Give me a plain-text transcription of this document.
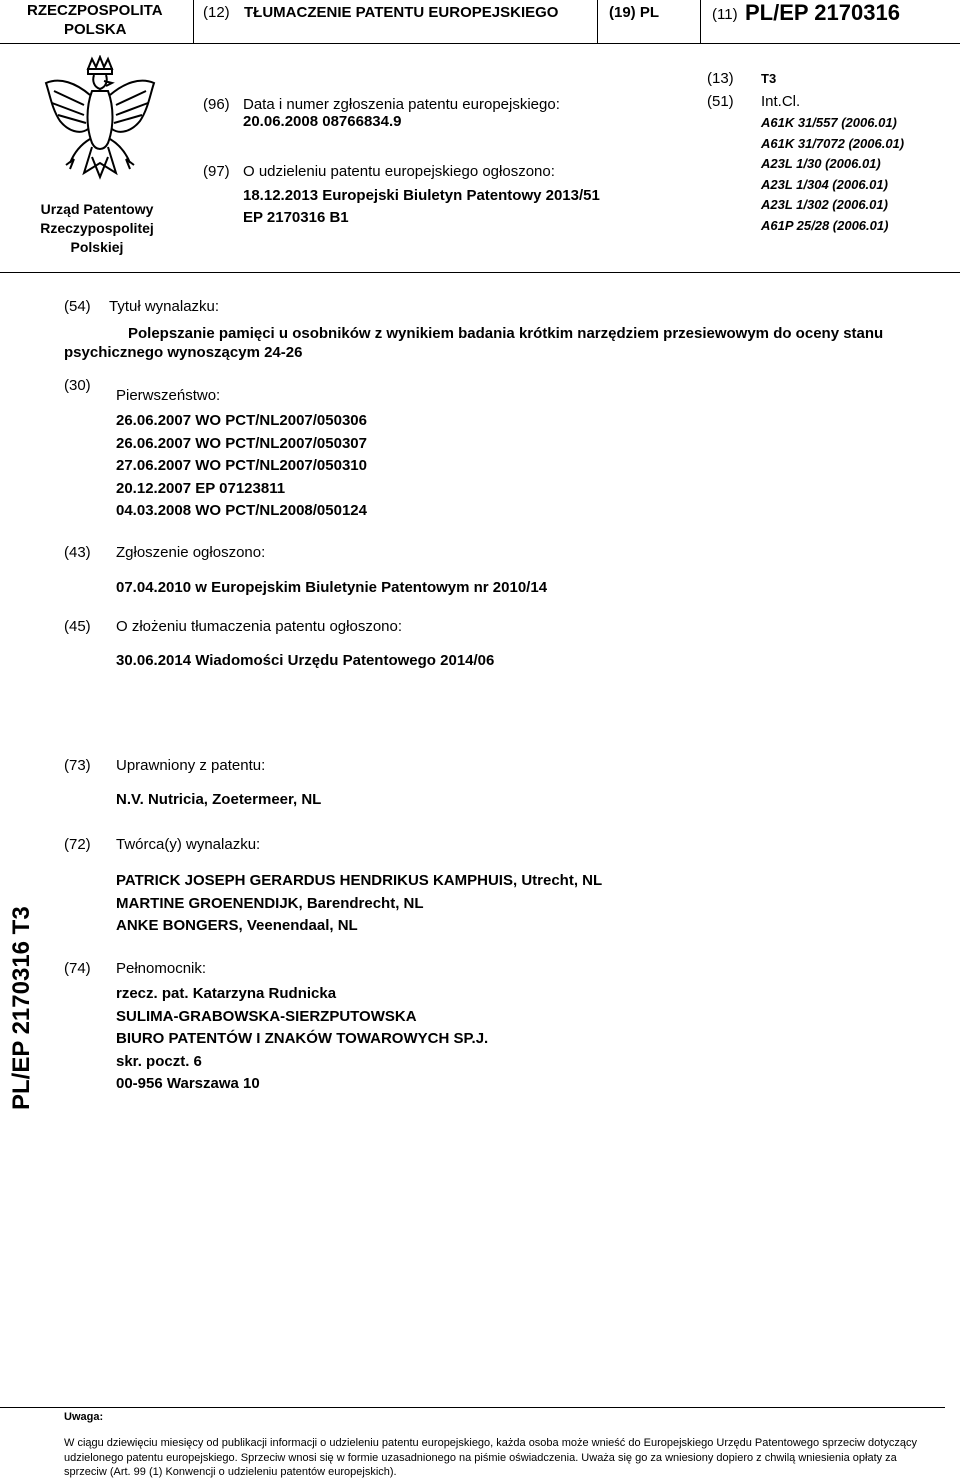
RZECZPOSPOLITA
POLSKA
(12) TŁUMACZENIE PATENTU EUROPEJSKIEGO	(19) PL	(11) PL/EP 2170316
Urząd Patentowy
Rzeczypospolitej
Polskiej
(96) Data i numer zgłoszenia patentu europejskiego:
20.06.2008 08766834.9
(97) O udzieleniu patentu europejskiego ogłoszono:
18.12.2013 Europejski Biuletyn Patentowy 2013/51
EP 2170316 B1
(13) T3
(51) Int.Cl.
A61K 31/557 (2006.01)
A61K 31/7072 (2006.01)
A23L 1/30 (2006.01)
A23L 1/304 (2006.01)
A23L 1/302 (2006.01)
A61P 25/28 (2006.01)
(54) Tytuł wynalazku:
Polepszanie pamięci u osobników z wynikiem badania krótkim narzędziem przesiewowym do oceny stanu
psychicznego wynoszącym 24-26
(30)
Pierwszeństwo:
26.06.2007 WO PCT/NL2007/050306
26.06.2007 WO PCT/NL2007/050307
27.06.2007 WO PCT/NL2007/050310
20.12.2007 EP 07123811
04.03.2008 WO PCT/NL2008/050124
(43) Zgłoszenie ogłoszono:
07.04.2010 w Europejskim Biuletynie Patentowym nr 2010/14
(45) O złożeniu tłumaczenia patentu ogłoszono:
30.06.2014 Wiadomości Urzędu Patentowego 2014/06
(73) Uprawniony z patentu:
N.V. Nutricia, Zoetermeer, NL
(72) Twórca(y) wynalazku:
PATRICK JOSEPH GERARDUS HENDRIKUS KAMPHUIS, Utrecht, NL
MARTINE GROENENDIJK, Barendrecht, NL
ANKE BONGERS, Veenendaal, NL
(74) Pełnomocnik:
rzecz. pat. Katarzyna Rudnicka
SULIMA-GRABOWSKA-SIERZPUTOWSKA
BIURO PATENTÓW I ZNAKÓW TOWAROWYCH SP.J.
skr. poczt. 6
00-956 Warszawa 10
PL/EP 2170316 T3
Uwaga:
W ciągu dziewięciu miesięcy od publikacji informacji o udzieleniu patentu europejskiego, każda osoba może wnieść do Europejskiego Urzędu Patentowego sprzeciw dotyczący
udzielonego patentu europejskiego. Sprzeciw wnosi się w formie uzasadnionego na piśmie oświadczenia. Uważa się go za wniesiony dopiero z chwilą wniesienia opłaty za
sprzeciw (Art. 99 (1) Konwencji o udzieleniu patentów europejskich).
